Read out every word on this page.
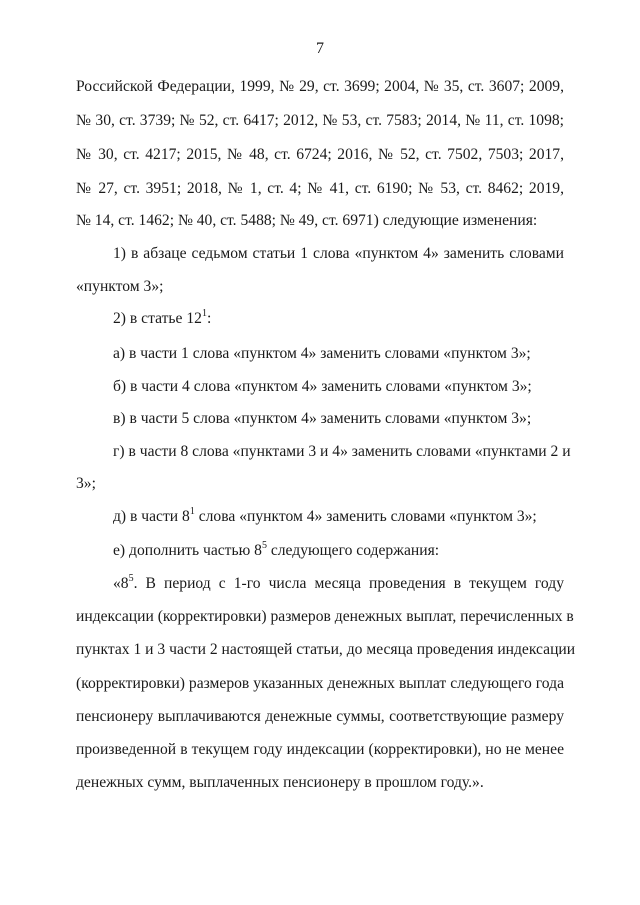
7
Российской Федерации, 1999, № 29, ст. 3699; 2004, № 35, ст. 3607; 2009,
№ 30, ст. 3739; № 52, ст. 6417; 2012, № 53, ст. 7583; 2014, № 11, ст. 1098;
№ 30, ст. 4217; 2015, № 48, ст. 6724; 2016, № 52, ст. 7502, 7503; 2017,
№ 27, ст. 3951; 2018, № 1, ст. 4; № 41, ст. 6190; № 53, ст. 8462; 2019,
№ 14, ст. 1462; № 40, ст. 5488; № 49, ст. 6971) следующие изменения:
1) в абзаце седьмом статьи 1 слова «пунктом 4» заменить словами
«пунктом 3»;
2) в статье $12^1$:
а) в части 1 слова «пунктом 4» заменить словами «пунктом 3»;
б) в части 4 слова «пунктом 4» заменить словами «пунктом 3»;
в) в части 5 слова «пунктом 4» заменить словами «пунктом 3»;
г) в части 8 слова «пунктами 3 и 4» заменить словами «пунктами 2 и
3»;
д) в части $8^1$ слова «пунктом 4» заменить словами «пунктом 3»;
е) дополнить частью $8^5$ следующего содержания:
«$8^5$. В период с 1-го числа месяца проведения в текущем году
индексации (корректировки) размеров денежных выплат, перечисленных в
пунктах 1 и 3 части 2 настоящей статьи, до месяца проведения индексации
(корректировки) размеров указанных денежных выплат следующего года
пенсионеру выплачиваются денежные суммы, соответствующие размеру
произведенной в текущем году индексации (корректировки), но не менее
денежных сумм, выплаченных пенсионеру в прошлом году.».
